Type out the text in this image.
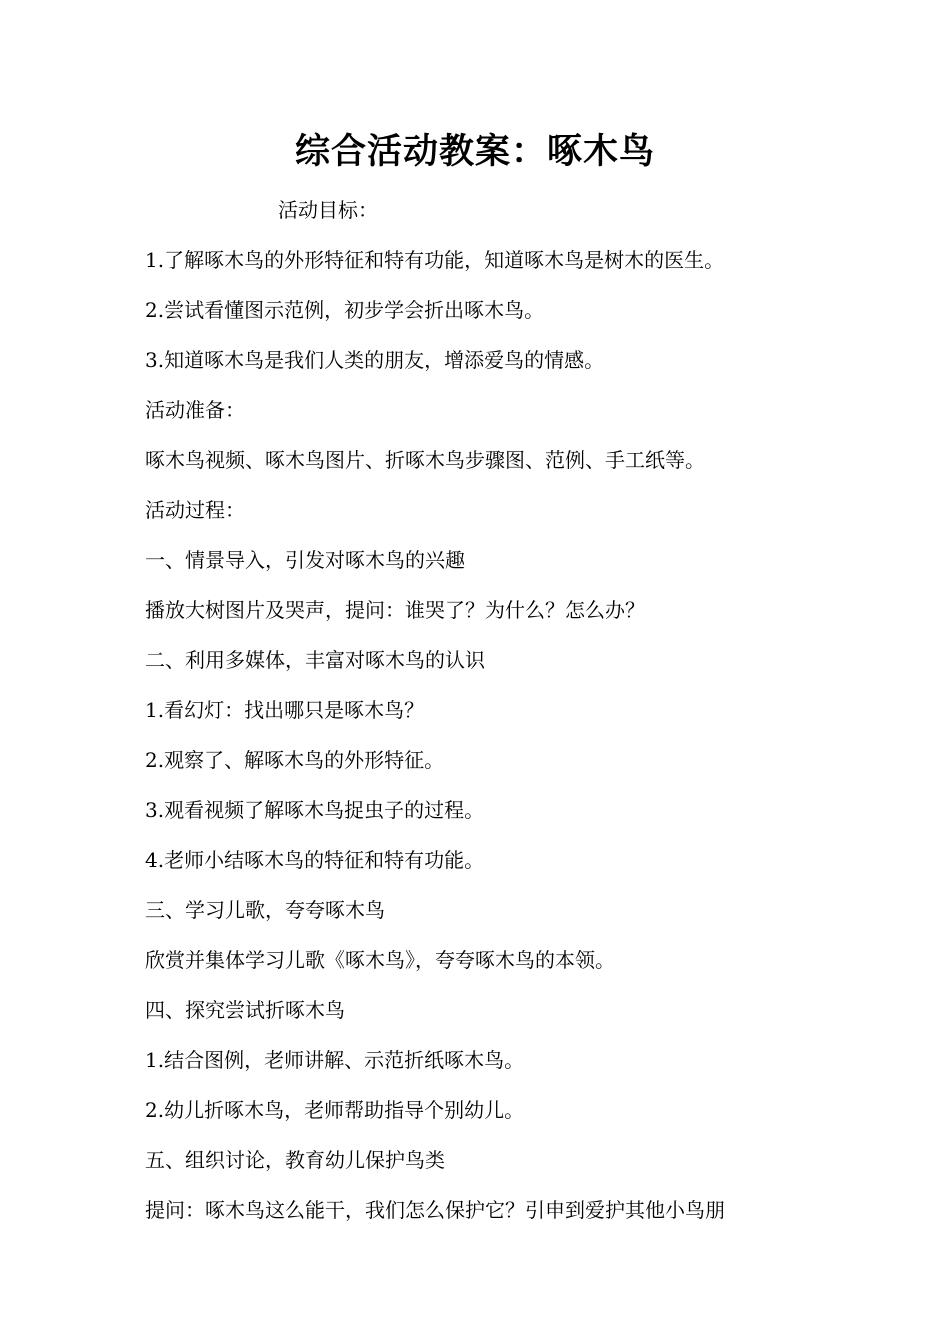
综合活动教案：啄木鸟
活动目标：
1.了解啄木鸟的外形特征和特有功能，知道啄木鸟是树木的医生。
2.尝试看懂图示范例，初步学会折出啄木鸟。
3.知道啄木鸟是我们人类的朋友，增添爱鸟的情感。
活动准备：
啄木鸟视频、啄木鸟图片、折啄木鸟步骤图、范例、手工纸等。
活动过程：
一、情景导入，引发对啄木鸟的兴趣
播放大树图片及哭声，提问：谁哭了？为什么？怎么办？
二、利用多媒体，丰富对啄木鸟的认识
1.看幻灯：找出哪只是啄木鸟？
2.观察了、解啄木鸟的外形特征。
3.观看视频了解啄木鸟捉虫子的过程。
4.老师小结啄木鸟的特征和特有功能。
三、学习儿歌，夸夸啄木鸟
欣赏并集体学习儿歌《啄木鸟》，夸夸啄木鸟的本领。
四、探究尝试折啄木鸟
1.结合图例，老师讲解、示范折纸啄木鸟。
2.幼儿折啄木鸟，老师帮助指导个别幼儿。
五、组织讨论，教育幼儿保护鸟类
提问：啄木鸟这么能干，我们怎么保护它？引申到爱护其他小鸟朋
